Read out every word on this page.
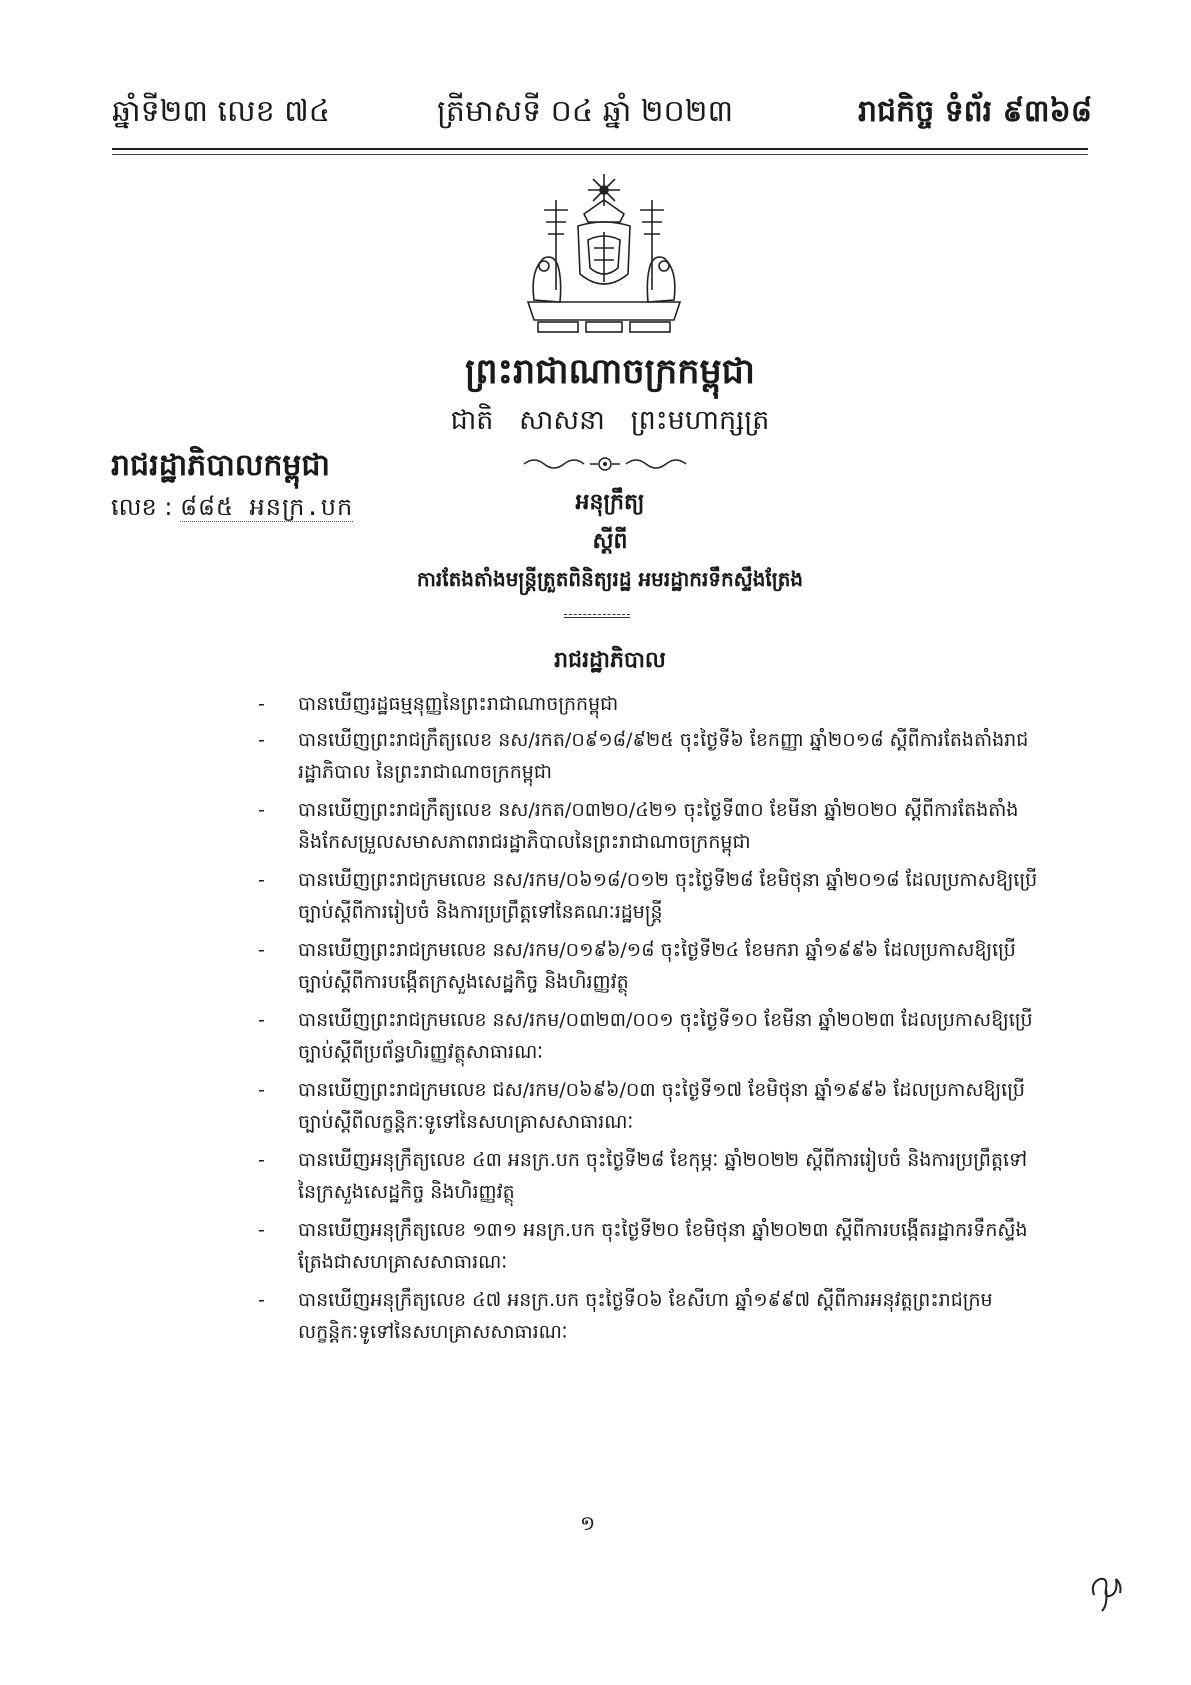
ឆ្នាំទី២៣ លេខ ៧៤	ត្រីមាសទី ០៤ ឆ្នាំ ២០២៣	រាជកិច្ច ទំព័រ ៩៣៦៨
ព្រះរាជាណាចក្រកម្ពុជា
ជាតិ   សាសនា   ព្រះមហាក្សត្រ
រាជរដ្ឋាភិបាលកម្ពុជា
លេខ : ៨៨៥ អនក្រ.បក	អនុក្រឹត្យ
ស្ដីពី
ការតែងតាំងមន្ត្រីត្រួតពិនិត្យរដ្ឋ អមរដ្ឋាករទឹកស្ទឹងត្រែង
រាជរដ្ឋាភិបាល
- បានឃើញរដ្ឋធម្មនុញ្ញនៃព្រះរាជាណាចក្រកម្ពុជា
- បានឃើញព្រះរាជក្រឹត្យលេខ នស/រកត/០៩១៨/៩២៥ ចុះថ្ងៃទី៦ ខែកញ្ញា ឆ្នាំ២០១៨ ស្ដីពីការតែងតាំងរាជរដ្ឋាភិបាល នៃព្រះរាជាណាចក្រកម្ពុជា
- បានឃើញព្រះរាជក្រឹត្យលេខ នស/រកត/០៣២០/៤២១ ចុះថ្ងៃទី៣០ ខែមីនា ឆ្នាំ២០២០ ស្ដីពីការតែងតាំងនិងកែសម្រួលសមាសភាពរាជរដ្ឋាភិបាលនៃព្រះរាជាណាចក្រកម្ពុជា
- បានឃើញព្រះរាជក្រមលេខ នស/រកម/០៦១៨/០១២ ចុះថ្ងៃទី២៨ ខែមិថុនា ឆ្នាំ២០១៨ ដែលប្រកាសឱ្យប្រើច្បាប់ស្ដីពីការរៀបចំ និងការប្រព្រឹត្តទៅនៃគណៈរដ្ឋមន្ត្រី
- បានឃើញព្រះរាជក្រមលេខ នស/រកម/០១៩៦/១៨ ចុះថ្ងៃទី២៤ ខែមករា ឆ្នាំ១៩៩៦ ដែលប្រកាសឱ្យប្រើច្បាប់ស្ដីពីការបង្កើតក្រសួងសេដ្ឋកិច្ច និងហិរញ្ញវត្ថុ
- បានឃើញព្រះរាជក្រមលេខ នស/រកម/០៣២៣/០០១ ចុះថ្ងៃទី១០ ខែមីនា ឆ្នាំ២០២៣ ដែលប្រកាសឱ្យប្រើច្បាប់ស្ដីពីប្រព័ន្ធហិរញ្ញវត្ថុសាធារណៈ
- បានឃើញព្រះរាជក្រមលេខ ជស/រកម/០៦៩៦/០៣ ចុះថ្ងៃទី១៧ ខែមិថុនា ឆ្នាំ១៩៩៦ ដែលប្រកាសឱ្យប្រើច្បាប់ស្ដីពីលក្ខន្តិកៈទូទៅនៃសហគ្រាសសាធារណៈ
- បានឃើញអនុក្រឹត្យលេខ ៤៣ អនក្រ.បក ចុះថ្ងៃទី២៨ ខែកុម្ភៈ ឆ្នាំ២០២២ ស្ដីពីការរៀបចំ និងការប្រព្រឹត្តទៅនៃក្រសួងសេដ្ឋកិច្ច និងហិរញ្ញវត្ថុ
- បានឃើញអនុក្រឹត្យលេខ ១៣១ អនក្រ.បក ចុះថ្ងៃទី២០ ខែមិថុនា ឆ្នាំ២០២៣ ស្ដីពីការបង្កើតរដ្ឋាករទឹកស្ទឹងត្រែងជាសហគ្រាសសាធារណៈ
- បានឃើញអនុក្រឹត្យលេខ ៤៧ អនក្រ.បក ចុះថ្ងៃទី០៦ ខែសីហា ឆ្នាំ១៩៩៧ ស្ដីពីការអនុវត្តព្រះរាជក្រមលក្ខន្តិកៈទូទៅនៃសហគ្រាសសាធារណៈ
១
